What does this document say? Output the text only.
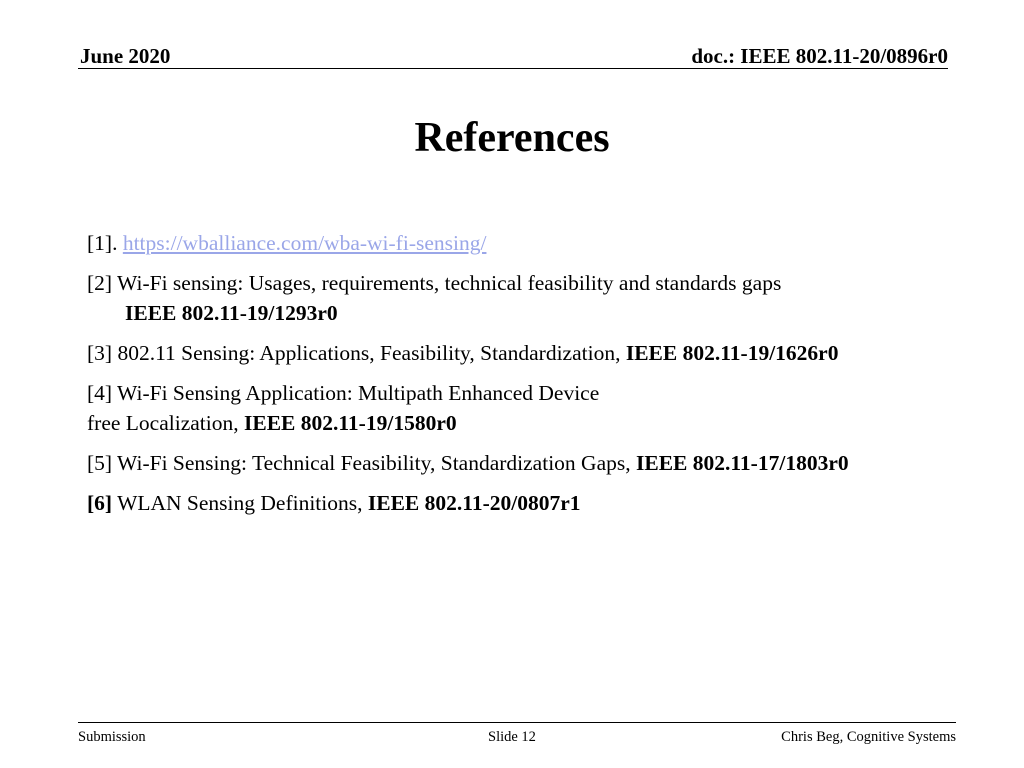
June 2020	doc.: IEEE 802.11-20/0896r0
References
[1]. https://wballiance.com/wba-wi-fi-sensing/
[2] Wi-Fi sensing: Usages, requirements, technical feasibility and standards gaps
IEEE 802.11-19/1293r0
[3] 802.11 Sensing: Applications, Feasibility, Standardization, IEEE 802.11-19/1626r0
[4] Wi-Fi Sensing Application: Multipath Enhanced Device
free Localization, IEEE 802.11-19/1580r0
[5] Wi-Fi Sensing: Technical Feasibility, Standardization Gaps, IEEE 802.11-17/1803r0
[6] WLAN Sensing Definitions, IEEE 802.11-20/0807r1
Submission	Slide 12	Chris Beg, Cognitive Systems
